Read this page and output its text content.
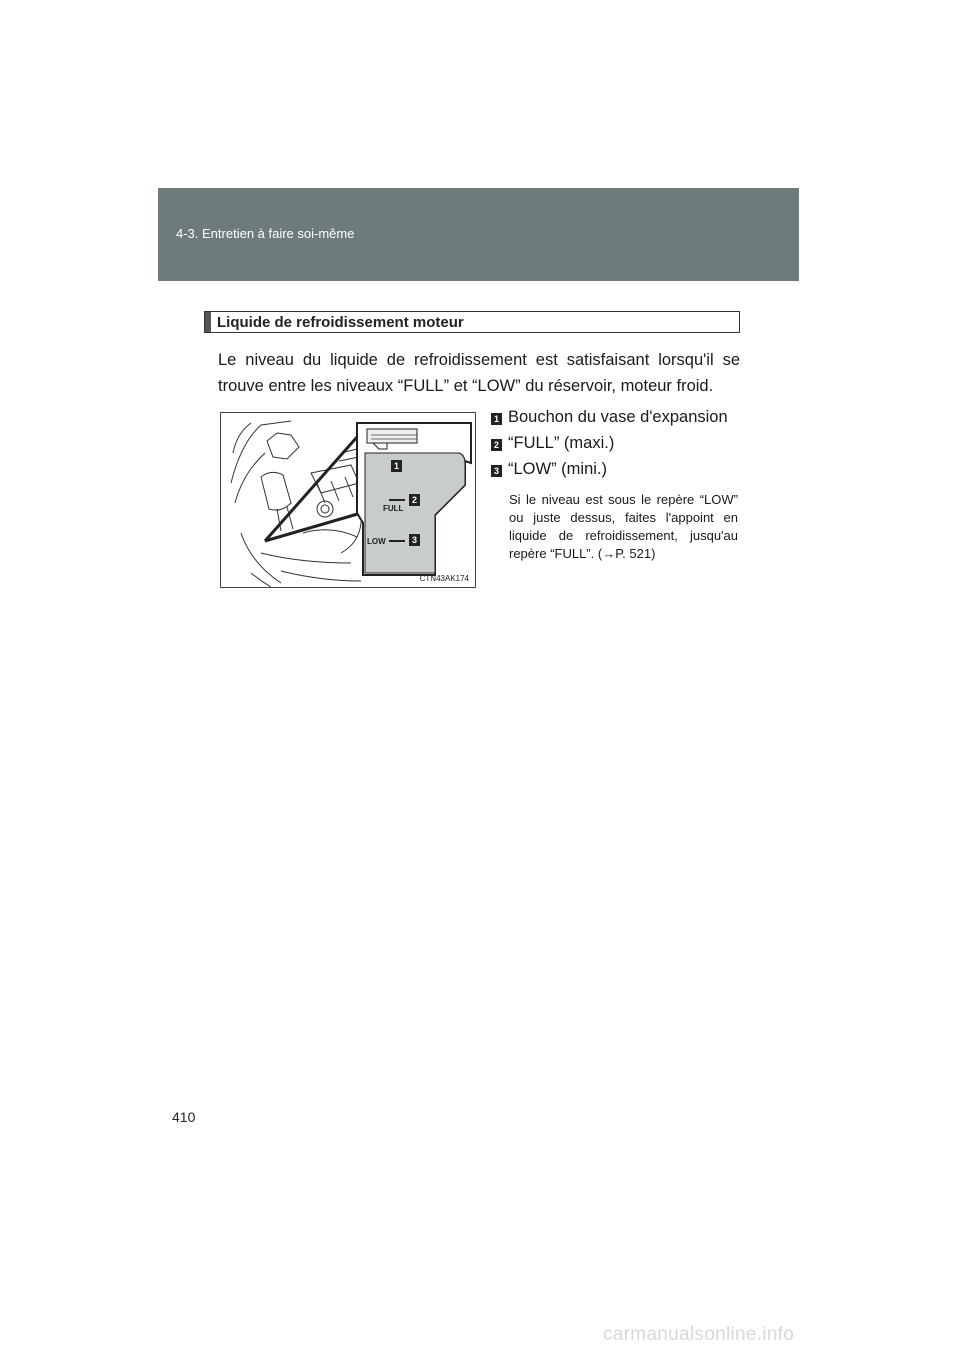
4-3. Entretien à faire soi-même
Liquide de refroidissement moteur
Le niveau du liquide de refroidissement est satisfaisant lorsqu'il se trouve entre les niveaux “FULL” et “LOW” du réservoir, moteur froid.
1
2
3
FULL
LOW
CTN43AK174
1 Bouchon du vase d'expansion
2 “FULL” (maxi.)
3 “LOW” (mini.)
Si le niveau est sous le repère “LOW” ou juste dessus, faites l'appoint en liquide de refroidissement, jusqu'au repère “FULL”. (→P. 521)
410
carmanualsonline.info
